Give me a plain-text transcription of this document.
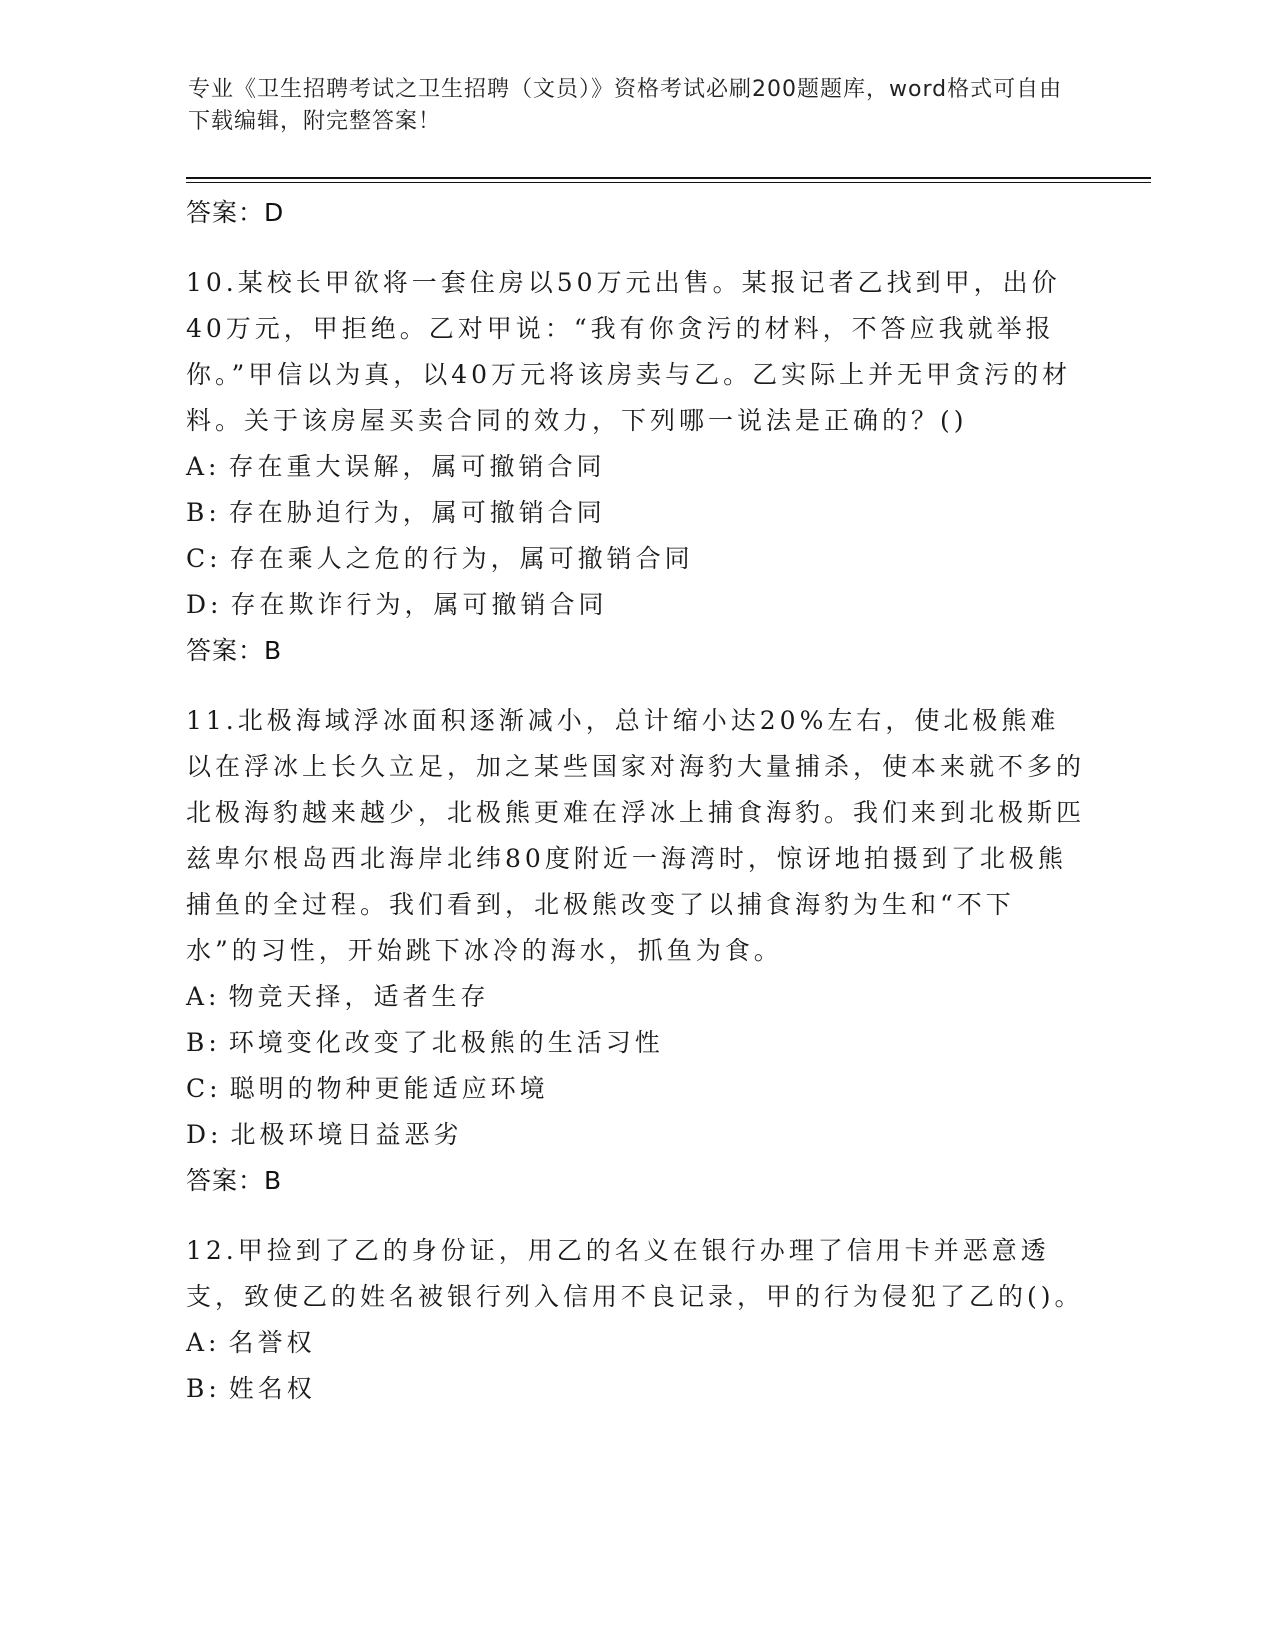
专业《卫生招聘考试之卫生招聘（文员）》资格考试必刷200题题库，word格式可自由下载编辑，附完整答案！
答案：D

10.某校长甲欲将一套住房以50万元出售。某报记者乙找到甲，出价40万元，甲拒绝。乙对甲说：“我有你贪污的材料，不答应我就举报你。”甲信以为真，以40万元将该房卖与乙。乙实际上并无甲贪污的材料。关于该房屋买卖合同的效力，下列哪一说法是正确的？()

A: 存在重大误解，属可撤销合同
B: 存在胁迫行为，属可撤销合同
C: 存在乘人之危的行为，属可撤销合同
D: 存在欺诈行为，属可撤销合同
答案：B

11.北极海域浮冰面积逐渐减小，总计缩小达20%左右，使北极熊难以在浮冰上长久立足，加之某些国家对海豹大量捕杀，使本来就不多的北极海豹越来越少，北极熊更难在浮冰上捕食海豹。我们来到北极斯匹兹卑尔根岛西北海岸北纬80度附近一海湾时，惊讶地拍摄到了北极熊捕鱼的全过程。我们看到，北极熊改变了以捕食海豹为生和“不下水”的习性，开始跳下冰冷的海水，抓鱼为食。

A: 物竞天择，适者生存
B: 环境变化改变了北极熊的生活习性
C: 聪明的物种更能适应环境
D: 北极环境日益恶劣
答案：B

12.甲捡到了乙的身份证，用乙的名义在银行办理了信用卡并恶意透支，致使乙的姓名被银行列入信用不良记录，甲的行为侵犯了乙的()。

A: 名誉权
B: 姓名权
